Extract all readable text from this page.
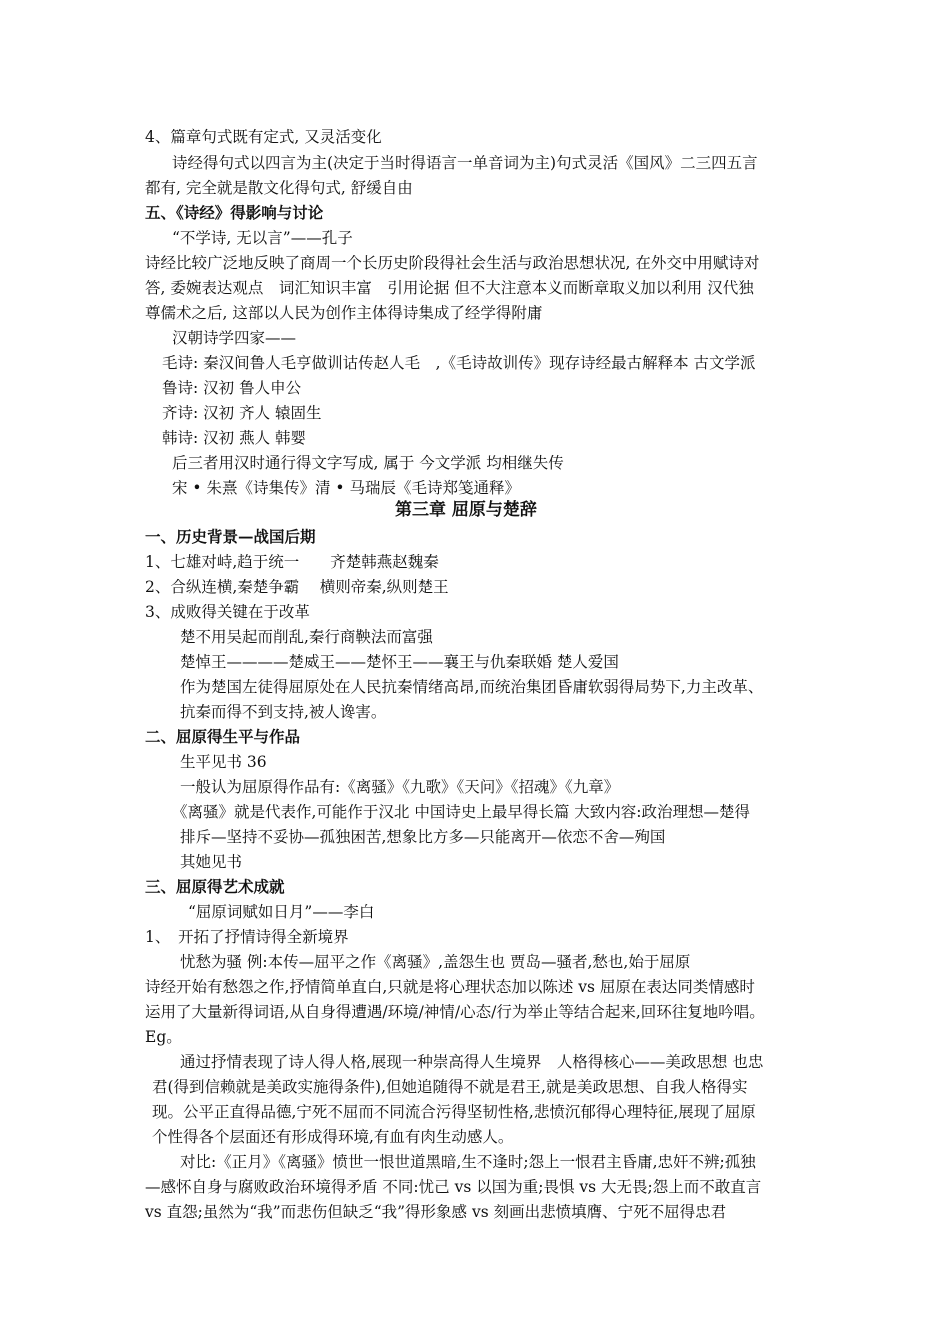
4、篇章句式既有定式, 又灵活变化
诗经得句式以四言为主(决定于当时得语言一单音词为主)句式灵活《国风》二三四五言
都有, 完全就是散文化得句式, 舒缓自由
五、《诗经》得影响与讨论
“不学诗, 无以言”——孔子
诗经比较广泛地反映了商周一个长历史阶段得社会生活与政治思想状况, 在外交中用赋诗对
答, 委婉表达观点　词汇知识丰富　引用论据 但不大注意本义而断章取义加以利用 汉代独
尊儒术之后, 这部以人民为创作主体得诗集成了经学得附庸
汉朝诗学四家——
毛诗: 秦汉间鲁人毛亨做训诂传赵人毛　,《毛诗故训传》现存诗经最古解释本 古文学派
鲁诗: 汉初 鲁人申公
齐诗: 汉初 齐人 辕固生
韩诗: 汉初 燕人 韩婴
后三者用汉时通行得文字写成, 属于 今文学派 均相继失传
宋 • 朱熹《诗集传》清 • 马瑞辰《毛诗郑笺通释》
第三章 屈原与楚辞
一、历史背景—战国后期
1、七雄对峙,趋于统一　　齐楚韩燕赵魏秦
2、合纵连横,秦楚争霸　 横则帝秦,纵则楚王
3、成败得关键在于改革
楚不用吴起而削乱,秦行商鞅法而富强
楚悼王————楚威王——楚怀王——襄王与仇秦联婚 楚人爱国
作为楚国左徒得屈原处在人民抗秦情绪高昂,而统治集团昏庸软弱得局势下,力主改革、
抗秦而得不到支持,被人谗害。
二、屈原得生平与作品
生平见书 36
一般认为屈原得作品有:《离骚》《九歌》《天问》《招魂》《九章》
《离骚》就是代表作,可能作于汉北 中国诗史上最早得长篇 大致内容:政治理想—楚得
排斥—坚持不妥协—孤独困苦,想象比方多—只能离开—依恋不舍—殉国
其她见书
三、屈原得艺术成就
“屈原词赋如日月”——李白
1、　开拓了抒情诗得全新境界
忧愁为骚 例:本传—屈平之作《离骚》,盖怨生也 贾岛—骚者,愁也,始于屈原
诗经开始有愁怨之作,抒情简单直白,只就是将心理状态加以陈述 vs 屈原在表达同类情感时
运用了大量新得词语,从自身得遭遇/环境/神情/心态/行为举止等结合起来,回环往复地吟唱。
Eg。
通过抒情表现了诗人得人格,展现一种崇高得人生境界　人格得核心——美政思想 也忠
君(得到信赖就是美政实施得条件),但她追随得不就是君王,就是美政思想、自我人格得实
现。公平正直得品德,宁死不屈而不同流合污得坚韧性格,悲愤沉郁得心理特征,展现了屈原
个性得各个层面还有形成得环境,有血有肉生动感人。
对比:《正月》《离骚》愤世一恨世道黑暗,生不逢时;怨上一恨君主昏庸,忠奸不辨;孤独
—感怀自身与腐败政治环境得矛盾 不同:忧己 vs 以国为重;畏惧 vs 大无畏;怨上而不敢直言
vs 直怨;虽然为“我”而悲伤但缺乏“我”得形象感 vs 刻画出悲愤填膺、宁死不屈得忠君
